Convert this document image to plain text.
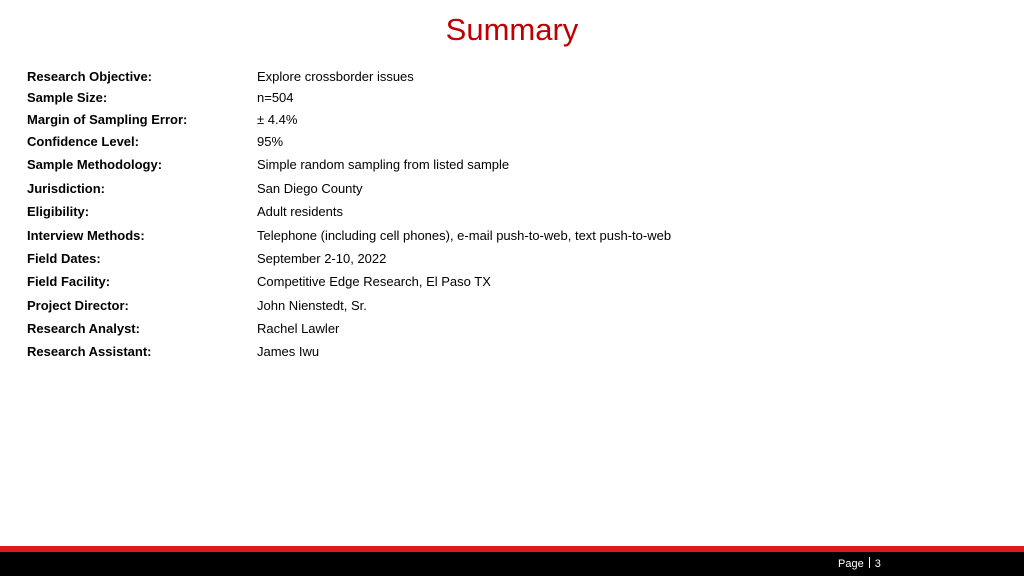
Summary
Research Objective:	Explore crossborder issues
Sample Size:	n=504
Margin of Sampling Error:	± 4.4%
Confidence Level:	95%
Sample Methodology:	Simple random sampling from listed sample
Jurisdiction:	San Diego County
Eligibility:	Adult residents
Interview Methods:	Telephone (including cell phones), e-mail push-to-web, text push-to-web
Field Dates:	September 2-10, 2022
Field Facility:	Competitive Edge Research, El Paso TX
Project Director:	John Nienstedt, Sr.
Research Analyst:	Rachel Lawler
Research Assistant:	James Iwu
Page 3
